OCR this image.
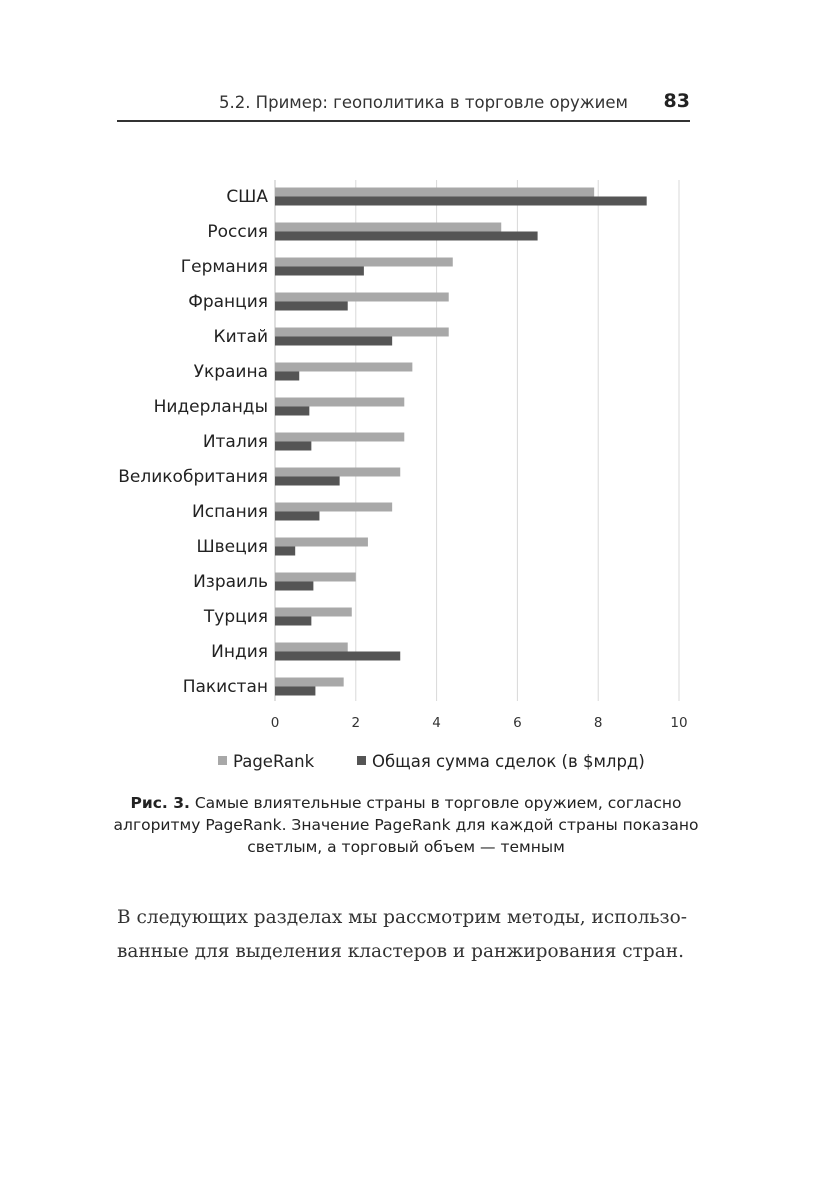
5.2. Пример: геополитика в торговле оружием 83
США
Россия
Германия
Франция
Китай
Украина
Нидерланды
Италия
Великобритания
Испания
Швеция
Израиль
Турция
Индия
Пакистан
0	2	4	6	8	10
PageRank	Общая сумма сделок (в $млрд)
Рис. 3. Самые влиятельные страны в торговле оружием, согласно алгоритму PageRank. Значение PageRank для каждой страны показано светлым, а торговый объем — темным
В следующих разделах мы рассмотрим методы, использо-
ванные для выделения кластеров и ранжирования стран.
